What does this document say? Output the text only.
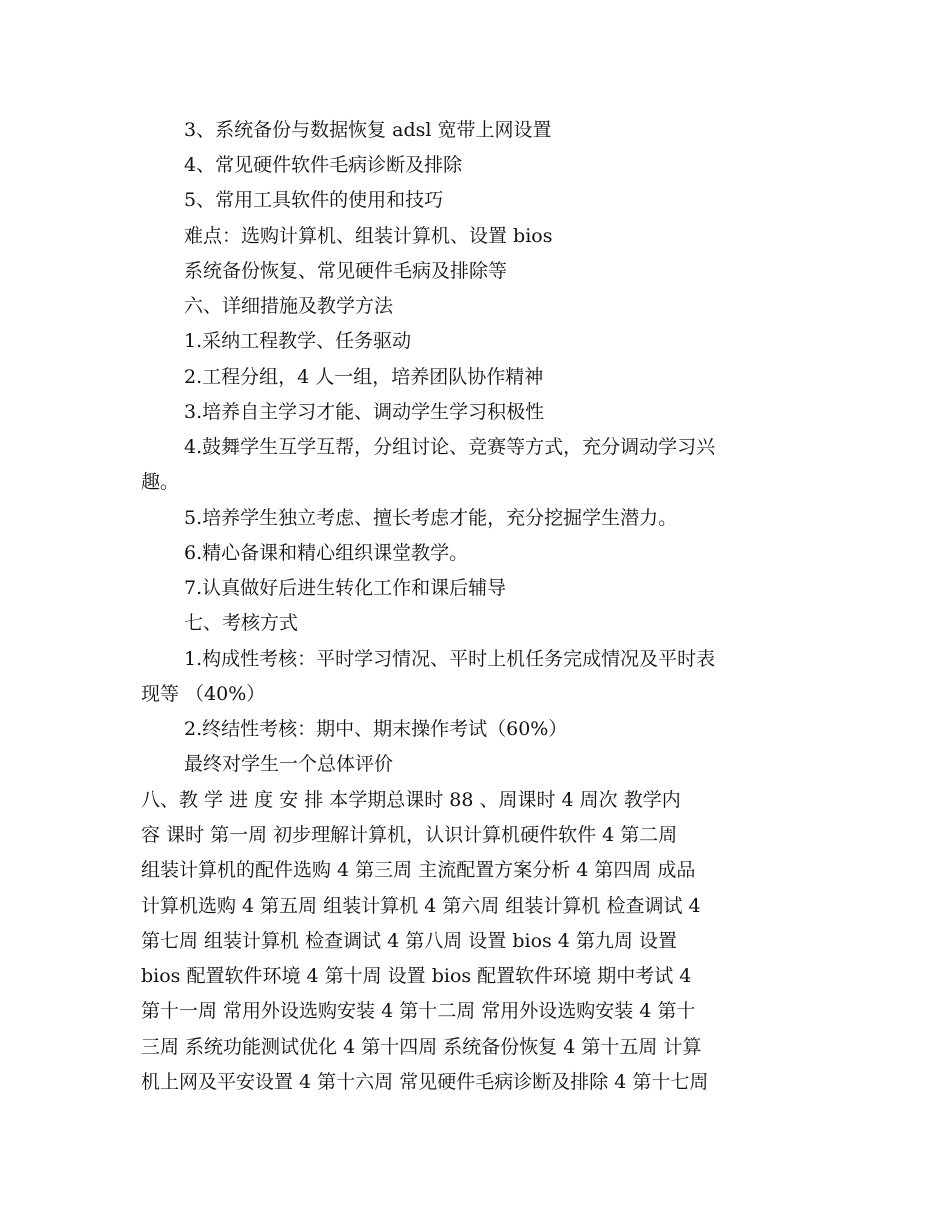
3、系统备份与数据恢复 adsl 宽带上网设置
4、常见硬件软件毛病诊断及排除
5、常用工具软件的使用和技巧
难点：选购计算机、组装计算机、设置 bios
系统备份恢复、常见硬件毛病及排除等
六、详细措施及教学方法
1.采纳工程教学、任务驱动
2.工程分组，4 人一组，培养团队协作精神
3.培养自主学习才能、调动学生学习积极性
4.鼓舞学生互学互帮，分组讨论、竞赛等方式，充分调动学习兴
趣。
5.培养学生独立考虑、擅长考虑才能，充分挖掘学生潜力。
6.精心备课和精心组织课堂教学。
7.认真做好后进生转化工作和课后辅导
七、考核方式
1.构成性考核：平时学习情况、平时上机任务完成情况及平时表
现等 （40%）
2.终结性考核：期中、期末操作考试（60%）
最终对学生一个总体评价
八、教 学 进 度 安 排 本学期总课时 88 、周课时 4 周次 教学内
容 课时 第一周 初步理解计算机，认识计算机硬件软件 4 第二周
组装计算机的配件选购 4 第三周 主流配置方案分析 4 第四周 成品
计算机选购 4 第五周 组装计算机 4 第六周 组装计算机 检查调试 4
第七周 组装计算机 检查调试 4 第八周 设置 bios 4 第九周 设置
bios 配置软件环境 4 第十周 设置 bios 配置软件环境 期中考试 4
第十一周 常用外设选购安装 4 第十二周 常用外设选购安装 4 第十
三周 系统功能测试优化 4 第十四周 系统备份恢复 4 第十五周 计算
机上网及平安设置 4 第十六周 常见硬件毛病诊断及排除 4 第十七周
